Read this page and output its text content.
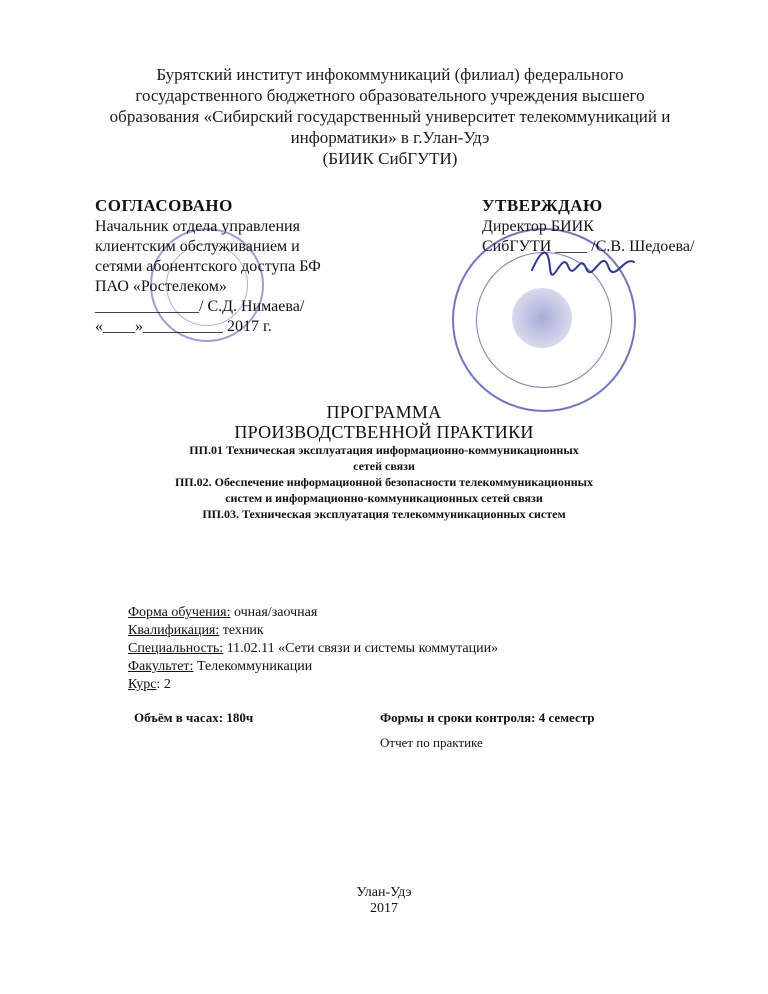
Бурятский институт инфокоммуникаций (филиал) федерального
государственного бюджетного образовательного учреждения высшего
образования «Сибирский государственный университет телекоммуникаций и
информатики» в г.Улан-Удэ
(БИИК СибГУТИ)
СОГЛАСОВАНО
Начальник отдела управления
клиентским обслуживанием и
сетями абонентского доступа БФ
ПАО «Ростелеком»
_____________/ С.Д. Нимаева/
«____»__________ 2017 г.
УТВЕРЖДАЮ
Директор БИИК
СибГУТИ ____ /С.В. Шедоева/
ПРОГРАММА
ПРОИЗВОДСТВЕННОЙ ПРАКТИКИ
ПП.01 Техническая эксплуатация информационно-коммуникационных
сетей связи
ПП.02. Обеспечение информационной безопасности телекоммуникационных
систем и информационно-коммуникационных сетей связи
ПП.03. Техническая эксплуатация телекоммуникационных систем
Форма обучения: очная/заочная
Квалификация: техник
Специальность: 11.02.11 «Сети связи и системы коммутации»
Факультет: Телекоммуникации
Курс: 2
Объём в часах: 180ч	Формы и сроки контроля: 4 семестр
Отчет по практике
Улан-Удэ
2017
